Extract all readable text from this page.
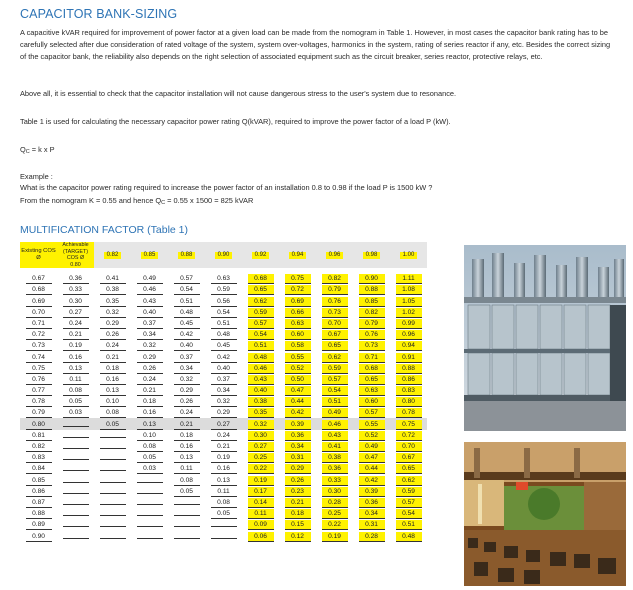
CAPACITOR BANK-SIZING

A capacitive kVAR required for improvement of power factor at a given load can be made from the nomogram in Table 1. However, in most cases the capacitor bank rating has to be carefully selected after due consideration of rated voltage of the system, system over-voltages, harmonics in the system, rating of series reactor if any, etc. Besides the correct sizing of the capacitor bank, the reliability also depends on the right selection of associated equipment such as the circuit breaker, series reactor, protective relays, etc.

Above all, it is essential to check that the capacitor installation will not cause dangerous stress to the user's system due to resonance.

Table 1 is used for calculating the necessary capacitor power rating Q(kVAR), required to improve the power factor of a load P (kW).

QC = k x P

Example :

What is the capacitor power rating required to increase the power factor of an installation 0.8 to 0.98 if the load P is 1500 kW ?

From the nomogram K = 0.55 and hence QC = 0.55 x 1500 = 825 kVAR

MULTIFICATION FACTOR (Table 1)
Existing COS Ø	Achievable (TARGET) COS Ø
0.80	0.82	0.85	0.88	0.90	0.92	0.94	0.96	0.98	1.00

0.67	0.36	0.41	0.49	0.57	0.63	0.68	0.75	0.82	0.90	1.11
0.68	0.33	0.38	0.46	0.54	0.59	0.65	0.72	0.79	0.88	1.08
0.69	0.30	0.35	0.43	0.51	0.56	0.62	0.69	0.76	0.85	1.05
0.70	0.27	0.32	0.40	0.48	0.54	0.59	0.66	0.73	0.82	1.02
0.71	0.24	0.29	0.37	0.45	0.51	0.57	0.63	0.70	0.79	0.99
0.72	0.21	0.26	0.34	0.42	0.48	0.54	0.60	0.67	0.76	0.96
0.73	0.19	0.24	0.32	0.40	0.45	0.51	0.58	0.65	0.73	0.94
0.74	0.16	0.21	0.29	0.37	0.42	0.48	0.55	0.62	0.71	0.91
0.75	0.13	0.18	0.26	0.34	0.40	0.46	0.52	0.59	0.68	0.88
0.76	0.11	0.16	0.24	0.32	0.37	0.43	0.50	0.57	0.65	0.86
0.77	0.08	0.13	0.21	0.29	0.34	0.40	0.47	0.54	0.63	0.83
0.78	0.05	0.10	0.18	0.26	0.32	0.38	0.44	0.51	0.60	0.80
0.79	0.03	0.08	0.16	0.24	0.29	0.35	0.42	0.49	0.57	0.78
0.80		0.05	0.13	0.21	0.27	0.32	0.39	0.46	0.55	0.75
0.81			0.10	0.18	0.24	0.30	0.36	0.43	0.52	0.72
0.82			0.08	0.16	0.21	0.27	0.34	0.41	0.49	0.70
0.83			0.05	0.13	0.19	0.25	0.31	0.38	0.47	0.67
0.84			0.03	0.11	0.16	0.22	0.29	0.36	0.44	0.65
0.85				0.08	0.13	0.19	0.26	0.33	0.42	0.62
0.86				0.05	0.11	0.17	0.23	0.30	0.39	0.59
0.87					0.08	0.14	0.21	0.28	0.36	0.57
0.88					0.05	0.11	0.18	0.25	0.34	0.54
0.89						0.09	0.15	0.22	0.31	0.51
0.90						0.06	0.12	0.19	0.28	0.48
